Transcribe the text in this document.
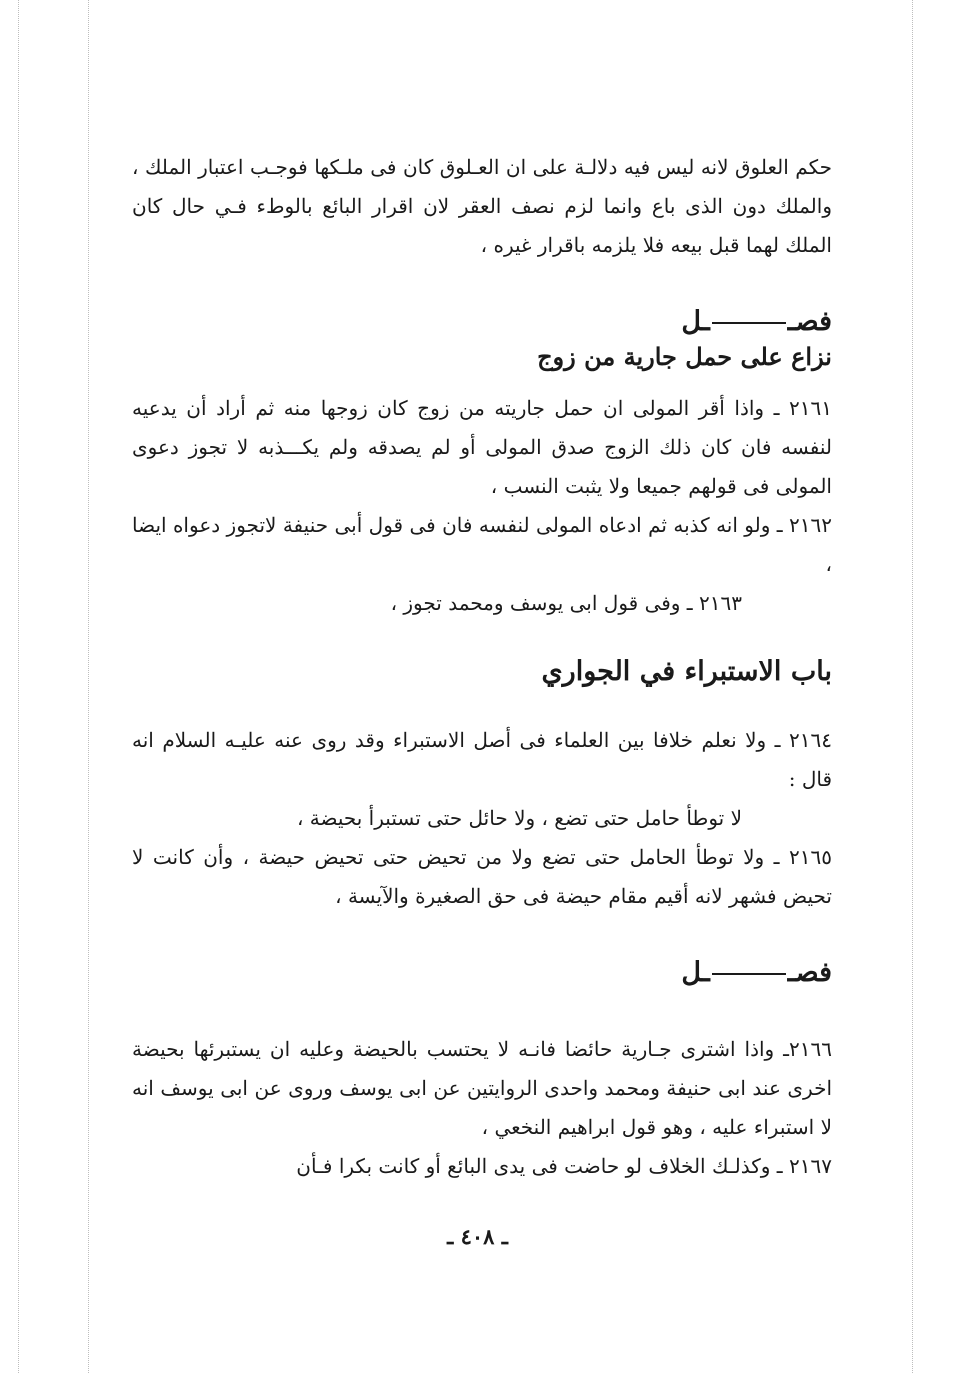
حكم العلوق لانه ليس فيه دلالـة على ان العـلوق كان فى ملـكها فوجـب اعتبار الملك ، والملك دون الذى باع وانما لزم نصف العقر لان اقرار البائع بالوطء فـي حال كان الملك لهما قبل بيعه فلا يلزمه باقرار غيره ،

فصــل

نزاع على حمل جارية من زوج

٢١٦١ ـ واذا أقر المولى ان حمل جاريته من زوج كان زوجها منه ثم أراد أن يدعيه لنفسه فان كان ذلك الزوج صدق المولى أو لم يصدقه ولم يكـــذبه لا تجوز دعوى المولى فى قولهم جميعا ولا يثبت النسب ،

٢١٦٢ ـ ولو انه كذبه ثم ادعاه المولى لنفسه فان فى قول أبى حنيفة لاتجوز دعواه ايضا ،

٢١٦٣ ـ وفى قول ابى يوسف ومحمد تجوز ،

باب الاستبراء في الجواري

٢١٦٤ ـ ولا نعلم خلافا بين العلماء فى أصل الاستبراء وقد روى عنه عليـه السلام انه قال :

لا توطأ حامل حتى تضع ، ولا حائل حتى تستبرأ بحيضة ،

٢١٦٥ ـ ولا توطأ الحامل حتى تضع ولا من تحيض حتى تحيض حيضة ، وأن كانت لا تحيض فشهر لانه أقيم مقام حيضة فى حق الصغيرة والآيسة ،

فصــل

٢١٦٦ـ واذا اشترى جـارية حائضا فانـه لا يحتسب بالحيضة وعليه ان يستبرئها بحيضة اخرى عند ابى حنيفة ومحمد واحدى الروايتين عن ابى يوسف وروى عن ابى يوسف انه لا استبراء عليه ، وهو قول ابراهيم النخعي ،

٢١٦٧ ـ وكذلـك الخلاف لو حاضت فى يدى البائع أو كانت بكرا فـأن

ـ ٤٠٨ ـ
